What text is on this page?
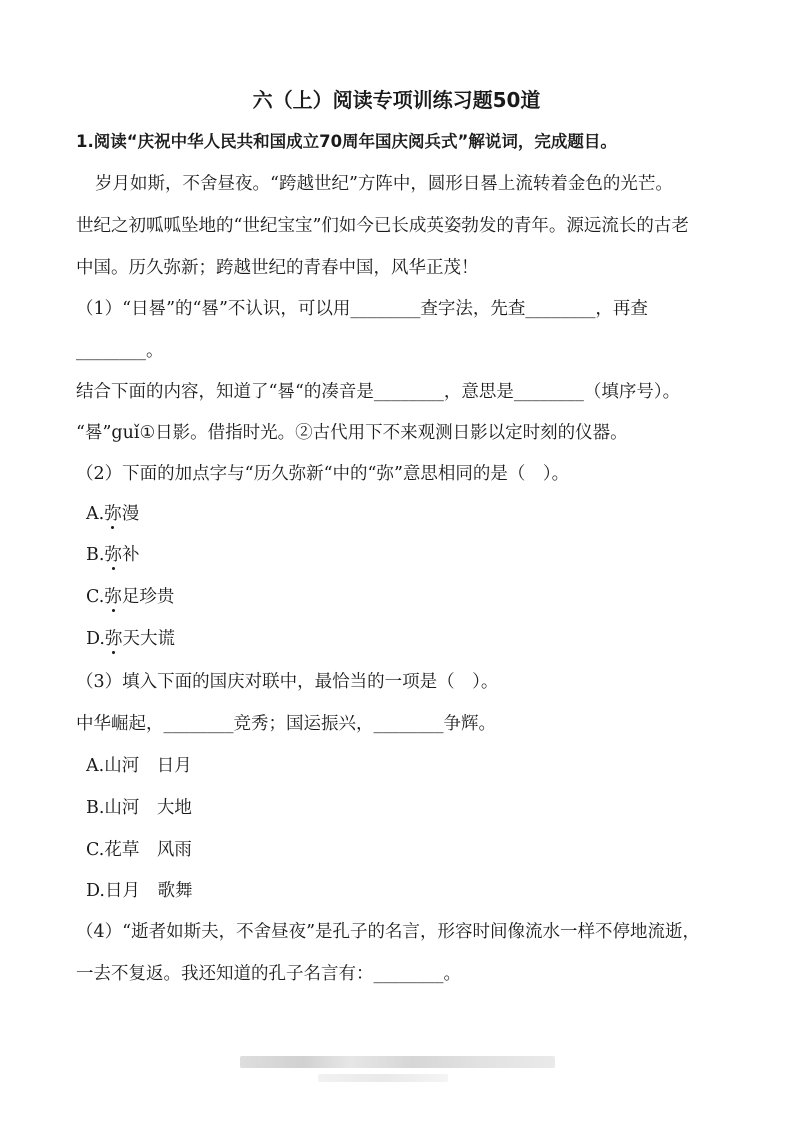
六（上）阅读专项训练习题50道

1.阅读“庆祝中华人民共和国成立70周年国庆阅兵式”解说词，完成题目。

岁月如斯，不舍昼夜。“跨越世纪”方阵中，圆形日晷上流转着金色的光芒。

世纪之初呱呱坠地的“世纪宝宝”们如今已长成英姿勃发的青年。源远流长的古老

中国。历久弥新；跨越世纪的青春中国，风华正茂！

（1）“日晷”的“晷”不认识，可以用________查字法，先查________，再查

________。

结合下面的内容，知道了“晷“的凑音是________，意思是________（填序号）。

“晷”guǐ①日影。借指时光。②古代用下不来观测日影以定时刻的仪器。

（2）下面的加点字与“历久弥新“中的“弥”意思相同的是（　）。

A.弥漫

B.弥补

C.弥足珍贵

D.弥天大谎

（3）填入下面的国庆对联中，最恰当的一项是（　）。

中华崛起，________竞秀；国运振兴，________争辉。

A.山河　日月

B.山河　大地

C.花草　风雨

D.日月　歌舞

（4）“逝者如斯夫，不舍昼夜”是孔子的名言，形容时间像流水一样不停地流逝，

一去不复返。我还知道的孔子名言有：________。
